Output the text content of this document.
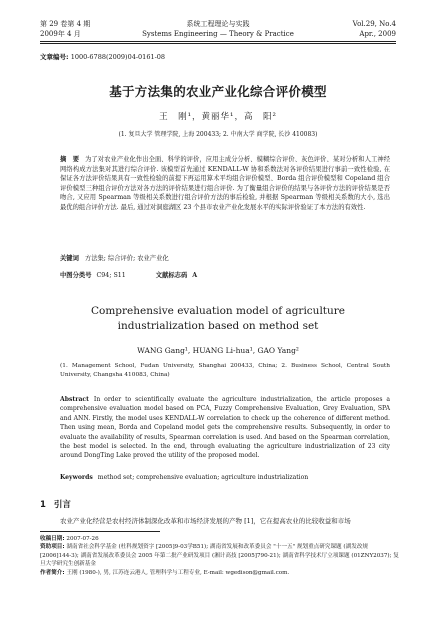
第 29 卷第 4 期	系统工程理论与实践	Vol.29, No.4
2009年 4 月	Systems Engineering — Theory & Practice	Apr., 2009
文章编号: 1000-6788(2009)04-0161-08
基于方法集的农业产业化综合评价模型
王　刚¹，黄丽华¹，高　阳²
(1. 复旦大学 管理学院, 上海 200433; 2. 中南大学 商学院, 长沙 410083)
摘　要 为了对农业产业化作出全面、科学的评价，应用主成分分析、模糊综合评价、灰色评价、某对分析和人工神经网络构成方法集对其进行综合评价. 该模型首先通过 KENDALL-W 协和系数法对各评价结果进行事前一致性检验, 在保证各方法评价结果具有一致性检验的前提下再运用算术平均组合评价模型、Borda 组合评价模型和 Copeland 组合评价模型三种组合评价方法对各方法的评价结果进行组合评价. 为了衡量组合评价的结果与各评价方法的评价结果是否吻合, 又应用 Spearman 等级相关系数进行组合评价方法的事后检验, 并根据 Spearman 等级相关系数的大小, 选出最优的组合评价方法. 最后, 通过对洞庭湖区 23 个县市农业产业化发展水平的实际评价验证了本方法的有效性.
关键词 方法集; 综合评价; 农业产业化
中图分类号 C94; S11	文献标志码 A
Comprehensive evaluation model of agriculture
industrialization based on method set
WANG Gang¹, HUANG Li-hua¹, GAO Yang²
(1. Management School, Fudan University, Shanghai 200433, China; 2. Business School, Central South University, Changsha 410083, China)
Abstract In order to scientifically evaluate the agriculture industrialization, the article proposes a comprehensive evaluation model based on PCA, Fuzzy Comprehensive Evaluation, Grey Evaluation, SPA and ANN. Firstly, the model uses KENDALL-W correlation to check up the coherence of different method. Then using mean, Borda and Copeland model gets the comprehensive results. Subsequently, in order to evaluate the availability of results, Spearman correlation is used. And based on the Spearman correlation, the best model is selected. In the end, through evaluating the agriculture industrialization of 23 city around DongTing Lake proved the utility of the proposed model.
Keywords method set; comprehensive evaluation; agriculture industrialization
1 引言
农业产业化经营是农村经济体制深化改革和市场经济发展的产物 [1]，它在提高农业的比较收益和市场
收稿日期: 2007-07-26
资助项目: 湖南省社会科学基金 (杜科规划资字 [2005]9-03学B51); 湖南省发展和改革委员会 "十一五" 规划重点研究课题 (湖发改规 [2006]144-3); 湖南省发展改革委员会 2005 年第二批产业研发项目 (湘计高技 [2005]790-21); 湖南省科学技术厅立项课题 (01ZNY2037); 复旦大学研究生创新基金
作者简介: 王刚 (1980-), 男, 江苏连云港人, 管理科学与工程专业, E-mail: wgedison@gmail.com.
